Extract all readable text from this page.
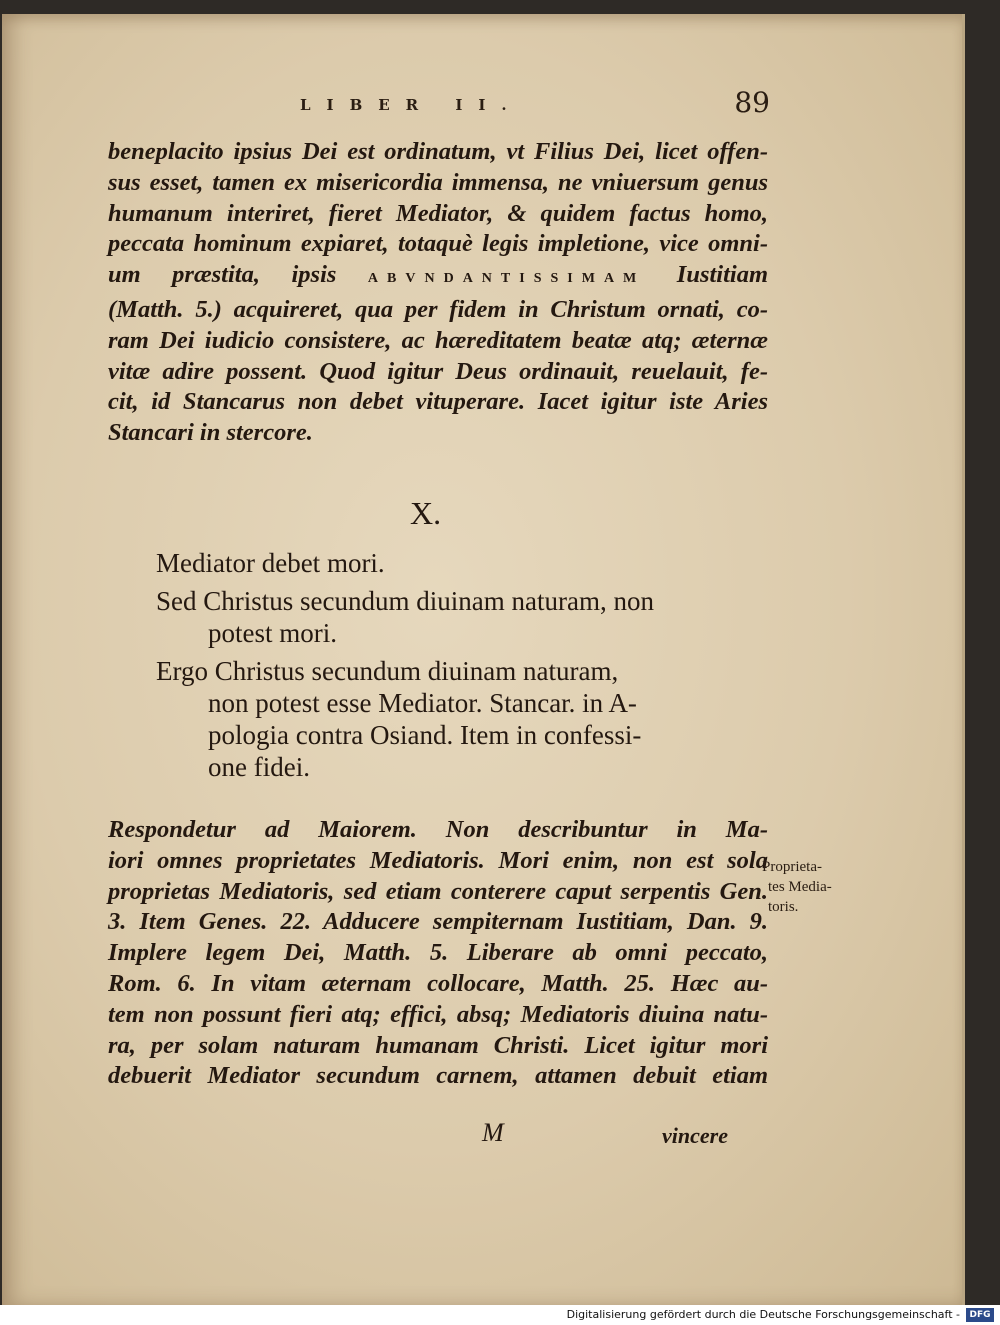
LIBER II.	89
beneplacito ipsius Dei est ordinatum, vt Filius Dei, licet offen-
sus esset, tamen ex misericordia immensa, ne vniuersum genus
humanum interiret, fieret Mediator, & quidem factus homo,
peccata hominum expiaret, totaquè legis impletione, vice omni-
um præstita, ipsis ABVNDANTISSIMAM Iustitiam
(Matth. 5.) acquireret, qua per fidem in Christum ornati, co-
ram Dei iudicio consistere, ac hæreditatem beatæ atq; æternæ
vitæ adire possent. Quod igitur Deus ordinauit, reuelauit, fe-
cit, id Stancarus non debet vituperare. Iacet igitur iste Aries
Stancari in stercore.
X.
Mediator debet mori.
Sed Christus secundum diuinam naturam, non
potest mori.
Ergo Christus secundum diuinam naturam,
non potest esse Mediator. Stancar. in A-
pologia contra Osiand. Item in confessi-
one fidei.
Respondetur ad Maiorem. Non describuntur in Ma-
iori omnes proprietates Mediatoris. Mori enim, non est sola
proprietas Mediatoris, sed etiam conterere caput serpentis Gen.
3. Item Genes. 22. Adducere sempiternam Iustitiam, Dan. 9.
Implere legem Dei, Matth. 5. Liberare ab omni peccato,
Rom. 6. In vitam æternam collocare, Matth. 25. Hæc au-
tem non possunt fieri atq; effici, absq; Mediatoris diuina natu-
ra, per solam naturam humanam Christi. Licet igitur mori
debuerit Mediator secundum carnem, attamen debuit etiam
Proprieta-
tes Media-
toris.
M	vincere
Digitalisierung gefördert durch die Deutsche Forschungsgemeinschaft -	DFG
